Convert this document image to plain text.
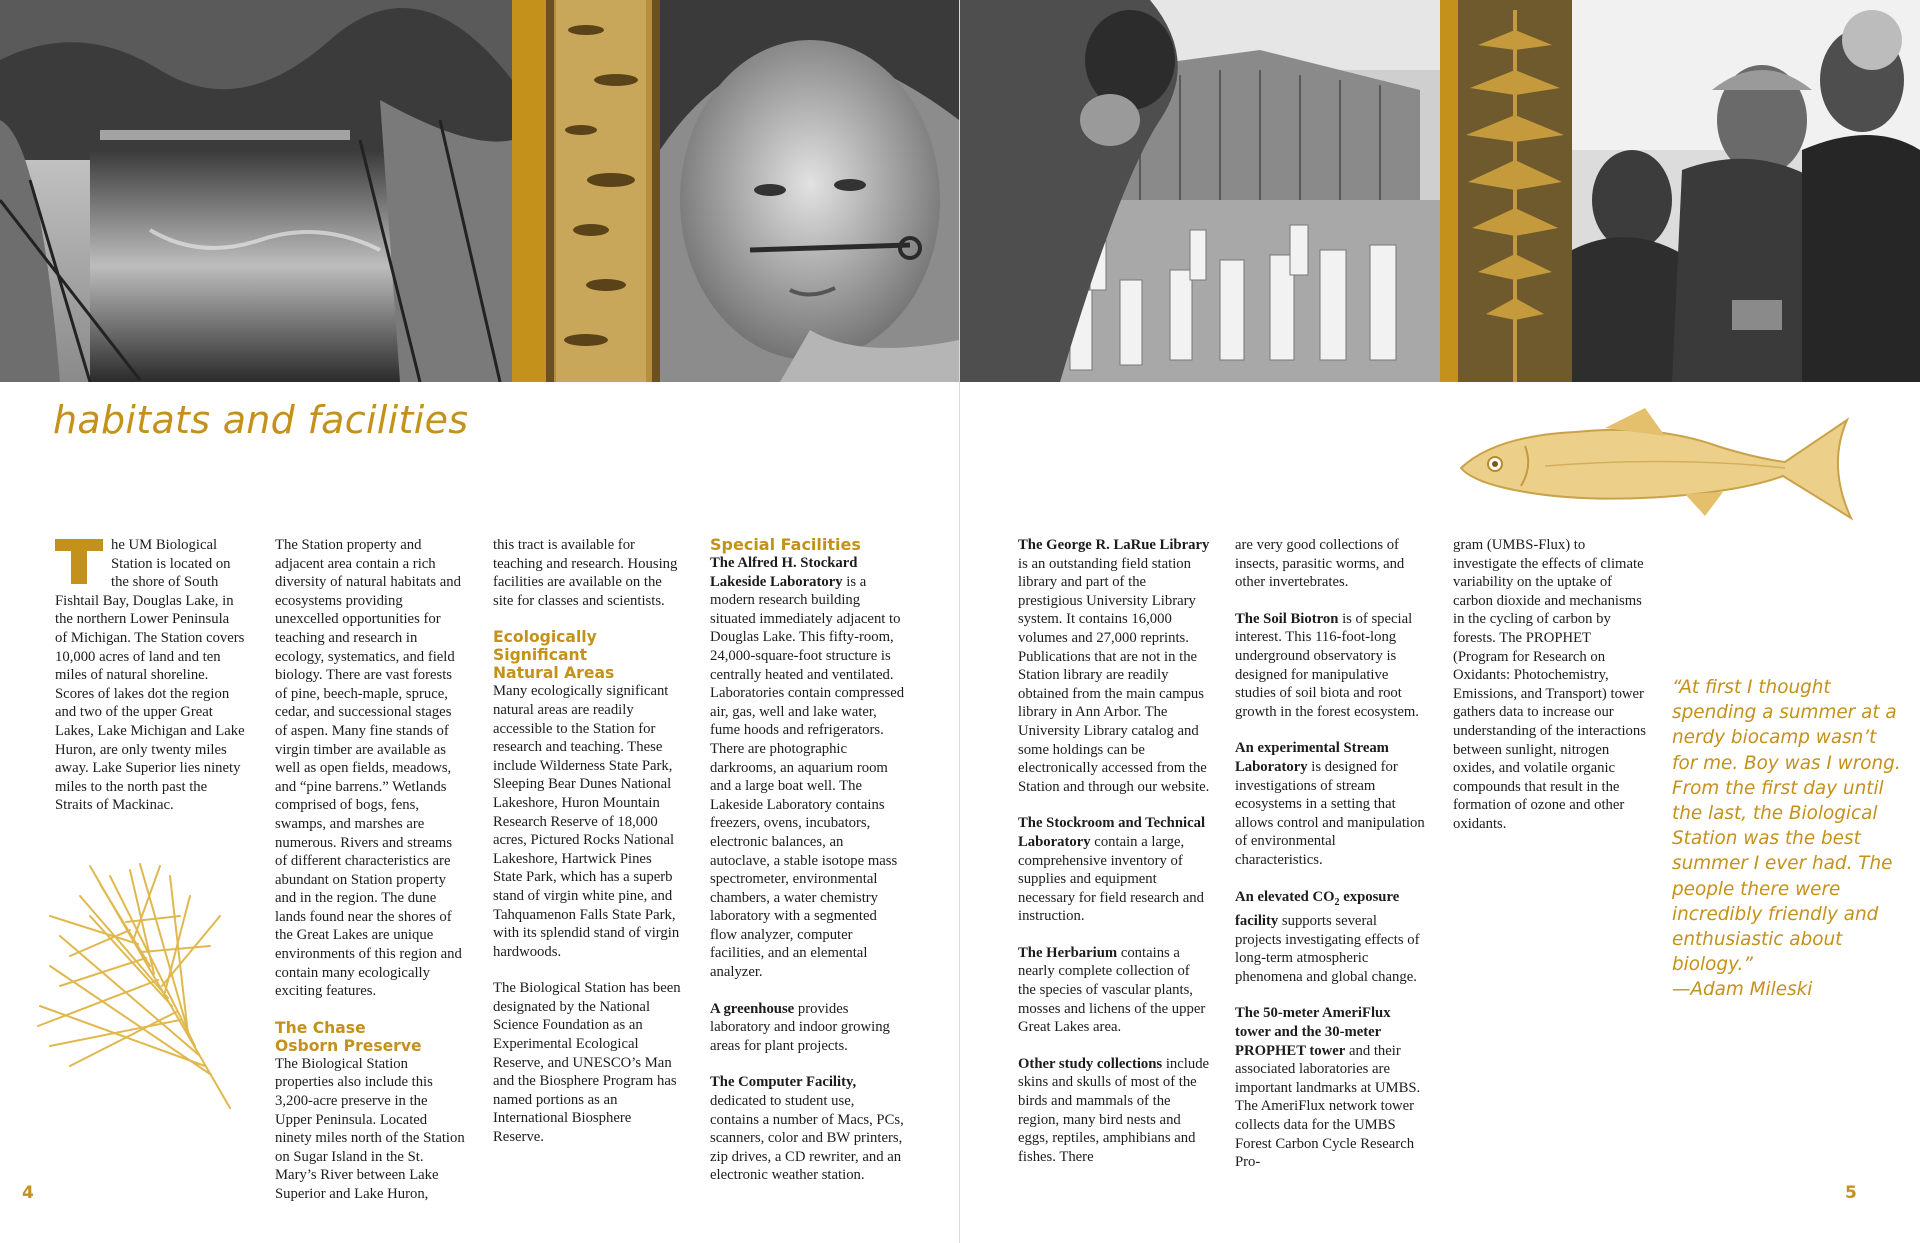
habitats and facilities

he UM Biological Station is located on the shore of South Fishtail Bay, Douglas Lake, in the northern Lower Peninsula of Michigan. The Station covers 10,000 acres of land and ten miles of natural shoreline. Scores of lakes dot the region and two of the upper Great Lakes, Lake Michigan and Lake Huron, are only twenty miles away. Lake Superior lies ninety miles to the north past the Straits of Mackinac.

The Station property and adjacent area contain a rich diversity of natural habitats and ecosystems providing unexcelled opportunities for teaching and research in ecology, systematics, and field biology. There are vast forests of pine, beech-maple, spruce, cedar, and successional stages of aspen. Many fine stands of virgin timber are available as well as open fields, meadows, and “pine barrens.” Wetlands comprised of bogs, fens, swamps, and marshes are numerous. Rivers and streams of different characteristics are abundant on Station property and in the region. The dune lands found near the shores of the Great Lakes are unique environments of this region and contain many ecologically exciting features.

The Chase
Osborn Preserve

The Biological Station properties also include this 3,200-acre preserve in the Upper Peninsula. Located ninety miles north of the Station on Sugar Island in the St. Mary’s River between Lake Superior and Lake Huron,

this tract is available for teaching and research. Housing facilities are available on the site for classes and scientists.

Ecologically Significant
Natural Areas

Many ecologically significant natural areas are readily accessible to the Station for research and teaching. These include Wilderness State Park, Sleeping Bear Dunes National Lakeshore, Huron Mountain Research Reserve of 18,000 acres, Pictured Rocks National Lakeshore, Hartwick Pines State Park, which has a superb stand of virgin white pine, and Tahquamenon Falls State Park, with its splendid stand of virgin hardwoods.

The Biological Station has been designated by the National Science Foundation as an Experimental Ecological Reserve, and UNESCO’s Man and the Biosphere Program has named portions as an International Biosphere Reserve.

Special Facilities

The Alfred H. Stockard Lakeside Laboratory is a modern research building situated immediately adjacent to Douglas Lake. This fifty-room, 24,000-square-foot structure is centrally heated and ventilated. Laboratories contain compressed air, gas, well and lake water, fume hoods and refrigerators. There are photographic darkrooms, an aquarium room and a large boat well. The Lakeside Laboratory contains freezers, ovens, incubators, electronic balances, an autoclave, a stable isotope mass spectrometer, environmental chambers, a water chemistry laboratory with a segmented flow analyzer, computer facilities, and an elemental analyzer.

A greenhouse provides laboratory and indoor growing areas for plant projects.

The Computer Facility, dedicated to student use, contains a number of Macs, PCs, scanners, color and BW printers, zip drives, a CD rewriter, and an electronic weather station.

The George R. LaRue Library is an outstanding field station library and part of the prestigious University Library system. It contains 16,000 volumes and 27,000 reprints. Publications that are not in the Station library are readily obtained from the main campus library in Ann Arbor. The University Library catalog and some holdings can be electronically accessed from the Station and through our website.

The Stockroom and Technical Laboratory contain a large, comprehensive inventory of supplies and equipment necessary for field research and instruction.

The Herbarium contains a nearly complete collection of the species of vascular plants, mosses and lichens of the upper Great Lakes area.

Other study collections include skins and skulls of most of the birds and mammals of the region, many bird nests and eggs, reptiles, amphibians and fishes. There

are very good collections of insects, parasitic worms, and other invertebrates.

The Soil Biotron is of special interest. This 116-foot-long underground observatory is designed for manipulative studies of soil biota and root growth in the forest ecosystem.

An experimental Stream Laboratory is designed for investigations of stream ecosystems in a setting that allows control and manipulation of environmental characteristics.

An elevated $CO_2$ exposure facility supports several projects investigating effects of long-term atmospheric phenomena and global change.

The 50-meter AmeriFlux tower and the 30-meter PROPHET tower and their associated laboratories are important landmarks at UMBS. The AmeriFlux network tower collects data for the UMBS Forest Carbon Cycle Research Pro-

gram (UMBS-Flux) to investigate the effects of climate variability on the uptake of carbon dioxide and mechanisms in the cycling of carbon by forests. The PROPHET (Program for Research on Oxidants: Photochemistry, Emissions, and Transport) tower gathers data to increase our understanding of the interactions between sunlight, nitrogen oxides, and volatile organic compounds that result in the formation of ozone and other oxidants.

“At first I thought spending a summer at a nerdy biocamp wasn’t for me. Boy was I wrong. From the first day until the last, the Biological Station was the best summer I ever had. The people there were incredibly friendly and enthusiastic about biology.”
—Adam Mileski
4	5
